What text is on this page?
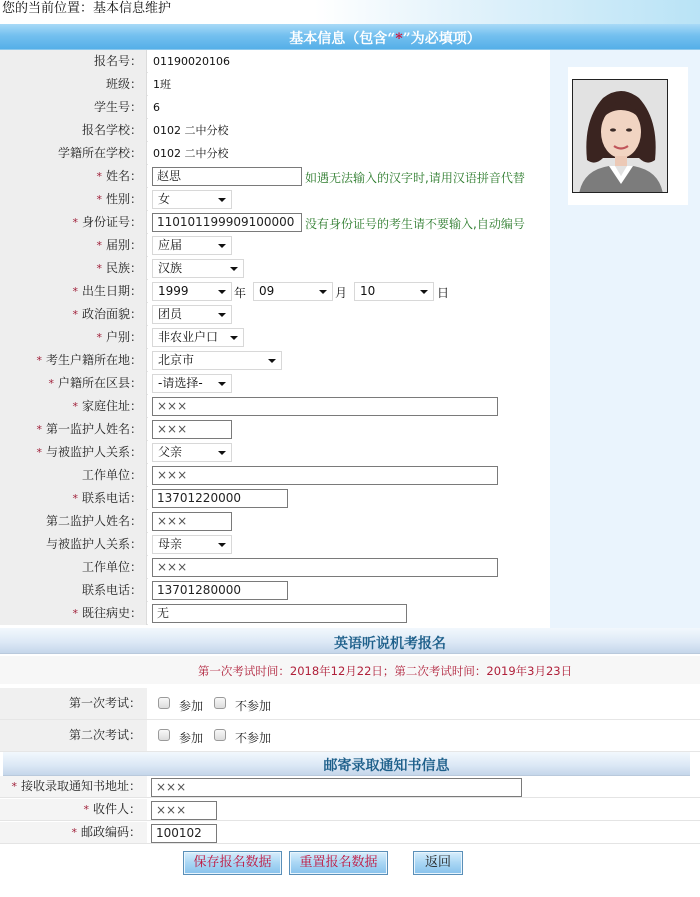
您的当前位置：基本信息维护
基本信息（包含“*”为必填项）
报名号：	01190020106
班级：	1班
学生号：	6
报名学校：	0102 二中分校
学籍所在学校：	0102 二中分校
* 姓名：	赵思	如遇无法输入的汉字时,请用汉语拼音代替
* 性别：	女
* 身份证号：	110101199909100000 没有身份证号的考生请不要输入,自动编号
* 届别：	应届
* 民族：	汉族
* 出生日期：	1999	年	09	月	10	日
* 政治面貌：	团员
* 户别：	非农业户口
* 考生户籍所在地：	北京市
* 户籍所在区县：	-请选择-
* 家庭住址：	×××
* 第一监护人姓名：	×××
* 与被监护人关系：	父亲
工作单位：	×××
* 联系电话：	13701220000
第二监护人姓名：	×××
与被监护人关系：	母亲
工作单位：	×××
联系电话：	13701280000
* 既往病史：	无
英语听说机考报名
第一次考试时间：2018年12月22日；第二次考试时间：2019年3月23日
第一次考试：	参加	不参加
第二次考试：	参加	不参加
邮寄录取通知书信息
* 接收录取通知书地址：	×××
* 收件人：	×××
* 邮政编码：	100102
保存报名数据	重置报名数据	返回
